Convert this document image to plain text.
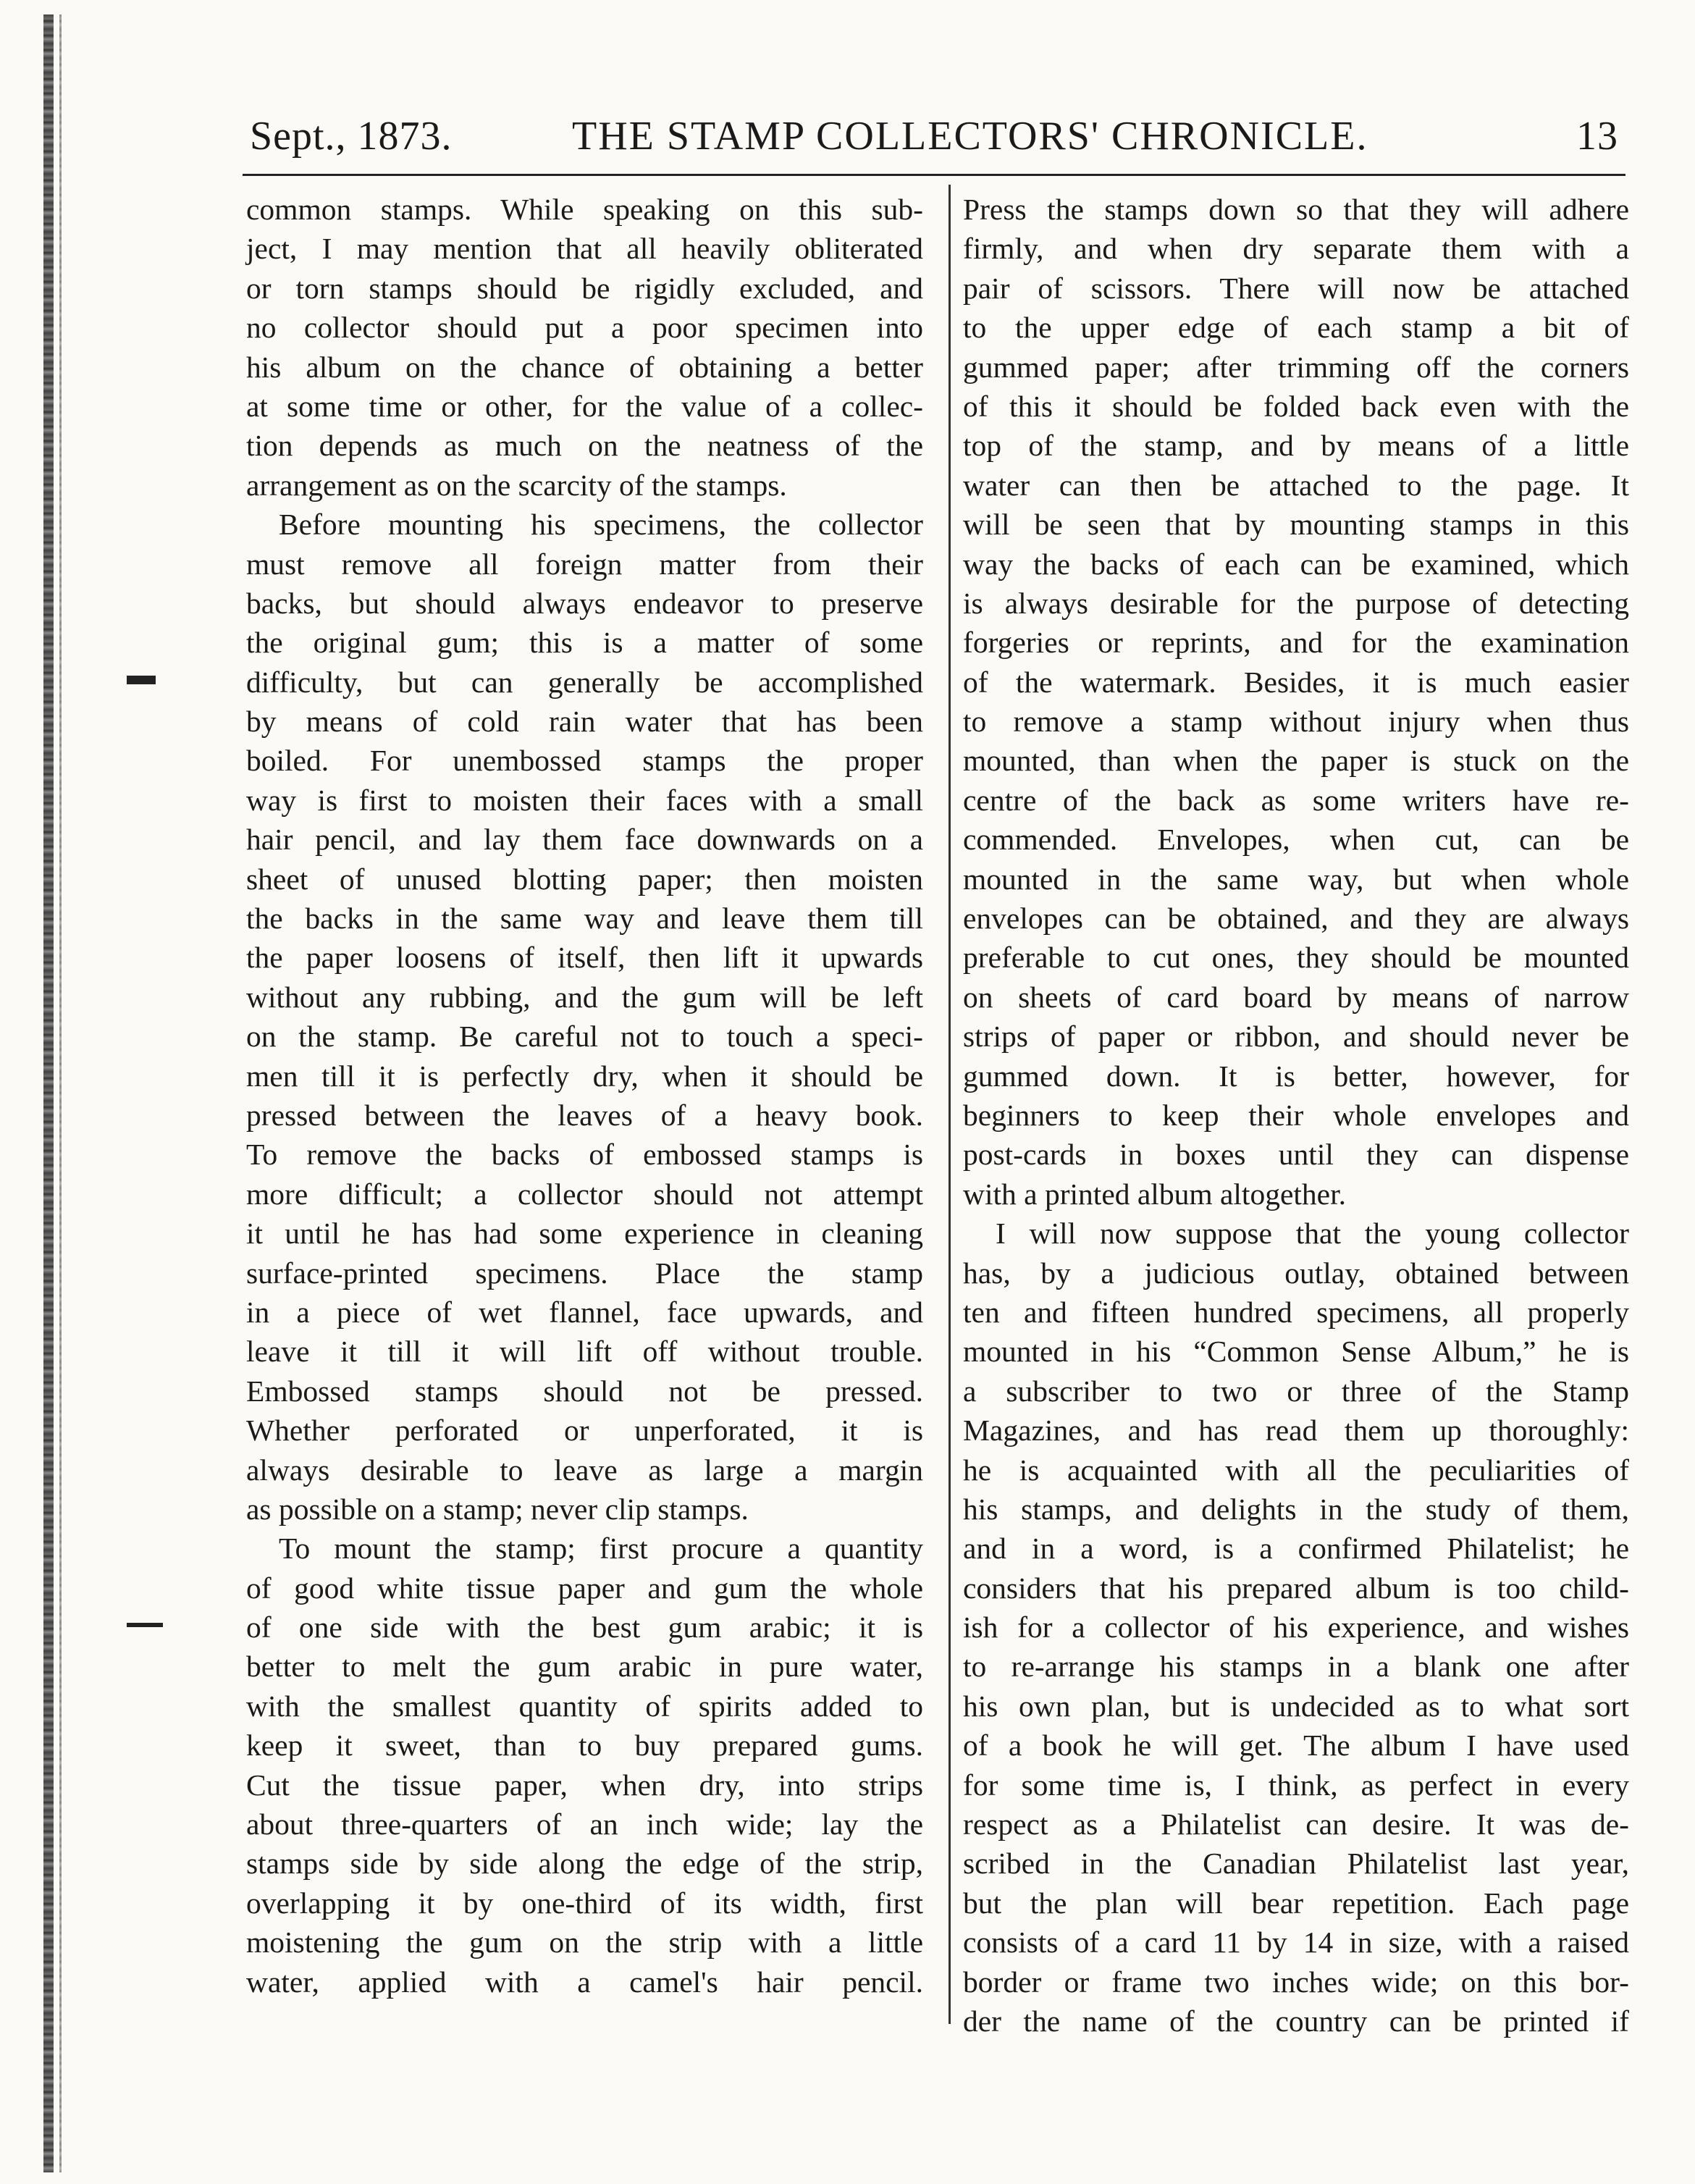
Sept., 1873.	THE STAMP COLLECTORS' CHRONICLE.	13
common stamps. While speaking on this sub-
ject, I may mention that all heavily obliterated
or torn stamps should be rigidly excluded, and
no collector should put a poor specimen into
his album on the chance of obtaining a better
at some time or other, for the value of a collec-
tion depends as much on the neatness of the
arrangement as on the scarcity of the stamps.
Before mounting his specimens, the collector
must remove all foreign matter from their
backs, but should always endeavor to preserve
the original gum; this is a matter of some
difficulty, but can generally be accomplished
by means of cold rain water that has been
boiled. For unembossed stamps the proper
way is first to moisten their faces with a small
hair pencil, and lay them face downwards on a
sheet of unused blotting paper; then moisten
the backs in the same way and leave them till
the paper loosens of itself, then lift it upwards
without any rubbing, and the gum will be left
on the stamp. Be careful not to touch a speci-
men till it is perfectly dry, when it should be
pressed between the leaves of a heavy book.
To remove the backs of embossed stamps is
more difficult; a collector should not attempt
it until he has had some experience in cleaning
surface-printed specimens. Place the stamp
in a piece of wet flannel, face upwards, and
leave it till it will lift off without trouble.
Embossed stamps should not be pressed.
Whether perforated or unperforated, it is
always desirable to leave as large a margin
as possible on a stamp; never clip stamps.
To mount the stamp; first procure a quantity
of good white tissue paper and gum the whole
of one side with the best gum arabic; it is
better to melt the gum arabic in pure water,
with the smallest quantity of spirits added to
keep it sweet, than to buy prepared gums.
Cut the tissue paper, when dry, into strips
about three-quarters of an inch wide; lay the
stamps side by side along the edge of the strip,
overlapping it by one-third of its width, first
moistening the gum on the strip with a little
water, applied with a camel's hair pencil.
Press the stamps down so that they will adhere
firmly, and when dry separate them with a
pair of scissors. There will now be attached
to the upper edge of each stamp a bit of
gummed paper; after trimming off the corners
of this it should be folded back even with the
top of the stamp, and by means of a little
water can then be attached to the page. It
will be seen that by mounting stamps in this
way the backs of each can be examined, which
is always desirable for the purpose of detecting
forgeries or reprints, and for the examination
of the watermark. Besides, it is much easier
to remove a stamp without injury when thus
mounted, than when the paper is stuck on the
centre of the back as some writers have re-
commended. Envelopes, when cut, can be
mounted in the same way, but when whole
envelopes can be obtained, and they are always
preferable to cut ones, they should be mounted
on sheets of card board by means of narrow
strips of paper or ribbon, and should never be
gummed down. It is better, however, for
beginners to keep their whole envelopes and
post-cards in boxes until they can dispense
with a printed album altogether.
I will now suppose that the young collector
has, by a judicious outlay, obtained between
ten and fifteen hundred specimens, all properly
mounted in his “Common Sense Album,” he is
a subscriber to two or three of the Stamp
Magazines, and has read them up thoroughly:
he is acquainted with all the peculiarities of
his stamps, and delights in the study of them,
and in a word, is a confirmed Philatelist; he
considers that his prepared album is too child-
ish for a collector of his experience, and wishes
to re-arrange his stamps in a blank one after
his own plan, but is undecided as to what sort
of a book he will get. The album I have used
for some time is, I think, as perfect in every
respect as a Philatelist can desire. It was de-
scribed in the Canadian Philatelist last year,
but the plan will bear repetition. Each page
consists of a card 11 by 14 in size, with a raised
border or frame two inches wide; on this bor-
der the name of the country can be printed if
